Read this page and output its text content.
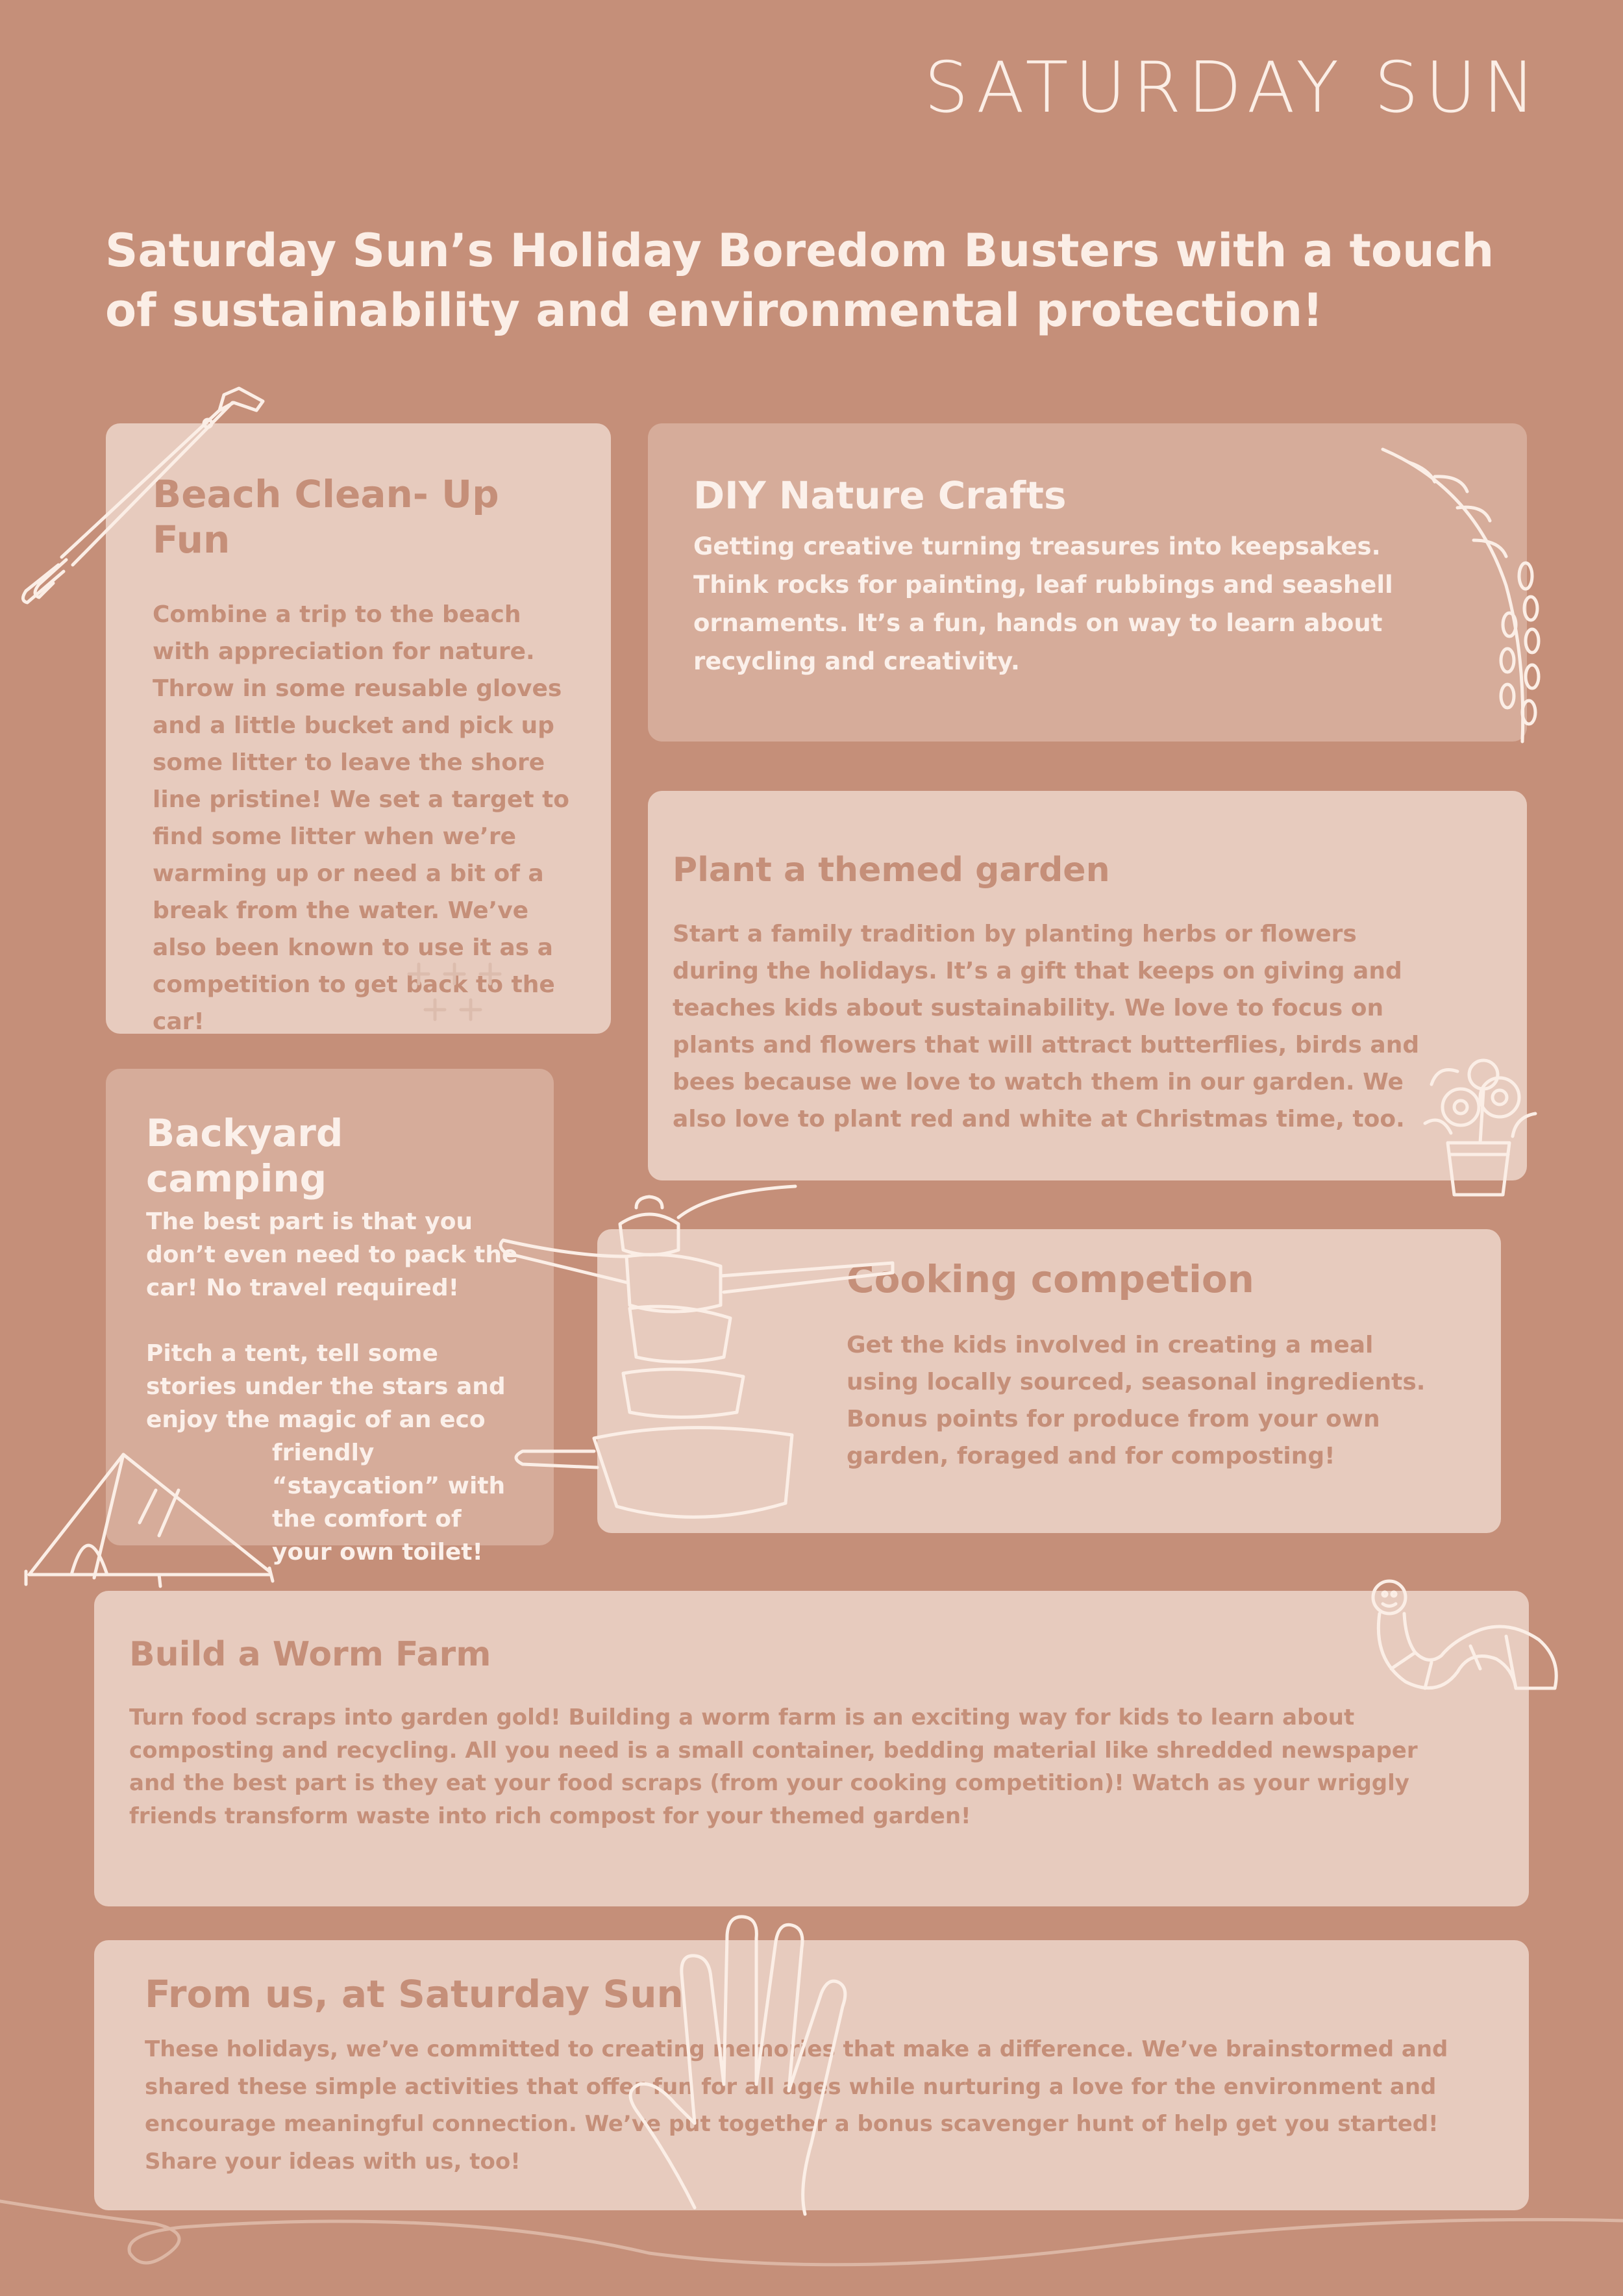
SATURDAY SUN
Saturday Sun’s Holiday Boredom Busters with a touch of sustainability and environmental protection!
Beach Clean- Up Fun

Combine a trip to the beach with appreciation for nature. Throw in some reusable gloves and a little bucket and pick up some litter to leave the shore line pristine! We set a target to find some litter when we’re warming up or need a bit of a break from the water. We’ve also been known to use it as a competition to get back to the car!

DIY Nature Crafts

Getting creative turning treasures into keepsakes. Think rocks for painting, leaf rubbings and seashell ornaments. It’s a fun, hands on way to learn about recycling and creativity.

Plant a themed garden

Start a family tradition by planting herbs or flowers during the holidays. It’s a gift that keeps on giving and teaches kids about sustainability. We love to focus on plants and flowers that will attract butterflies, birds and bees because we love to watch them in our garden. We also love to plant red and white at Christmas time, too.

Backyard camping

The best part is that you don’t even need to pack the car! No travel required!

Pitch a tent, tell some stories under the stars and enjoy the magic of an eco

friendly “staycation” with the comfort of your own toilet!

Cooking competion

Get the kids involved in creating a meal using locally sourced, seasonal ingredients. Bonus points for produce from your own garden, foraged and for composting!

Build a Worm Farm

Turn food scraps into garden gold! Building a worm farm is an exciting way for kids to learn about composting and recycling. All you need is a small container, bedding material like shredded newspaper and the best part is they eat your food scraps (from your cooking competition)! Watch as your wriggly friends transform waste into rich compost for your themed garden!

From us, at Saturday Sun

These holidays, we’ve committed to creating memories that make a difference. We’ve brainstormed and shared these simple activities that offer fun for all ages while nurturing a love for the environment and encourage meaningful connection. We’ve put together a bonus scavenger hunt of help get you started! Share your ideas with us, too!
